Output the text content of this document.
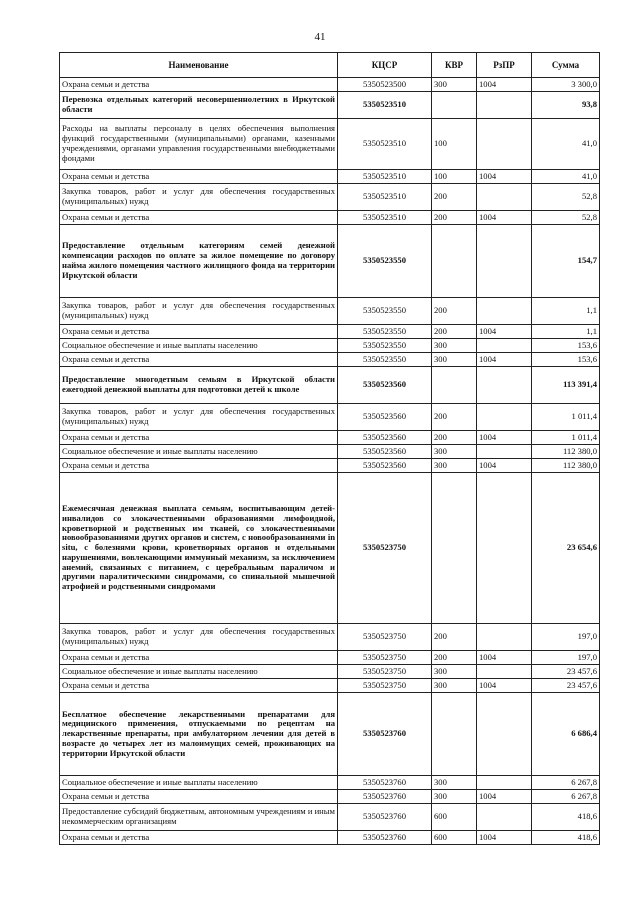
41
Наименование	КЦСР	КВР	РзПР	Сумма
Охрана семьи и детства	5350523500	300	1004	3 300,0
Перевозка отдельных категорий несовершеннолетних в Иркутской области	5350523510			93,8
Расходы на выплаты персоналу в целях обеспечения выполнения функций государственными (муниципальными) органами, казенными учреждениями, органами управления государственными внебюджетными фондами	5350523510	100		41,0
Охрана семьи и детства	5350523510	100	1004	41,0
Закупка товаров, работ и услуг для обеспечения государственных (муниципальных) нужд	5350523510	200		52,8
Охрана семьи и детства	5350523510	200	1004	52,8
Предоставление отдельным категориям семей денежной компенсации расходов по оплате за жилое помещение по договору найма жилого помещения частного жилищного фонда на территории Иркутской области	5350523550			154,7
Закупка товаров, работ и услуг для обеспечения государственных (муниципальных) нужд	5350523550	200		1,1
Охрана семьи и детства	5350523550	200	1004	1,1
Социальное обеспечение и иные выплаты населению	5350523550	300		153,6
Охрана семьи и детства	5350523550	300	1004	153,6
Предоставление многодетным семьям в Иркутской области ежегодной денежной выплаты для подготовки детей к школе	5350523560			113 391,4
Закупка товаров, работ и услуг для обеспечения государственных (муниципальных) нужд	5350523560	200		1 011,4
Охрана семьи и детства	5350523560	200	1004	1 011,4
Социальное обеспечение и иные выплаты населению	5350523560	300		112 380,0
Охрана семьи и детства	5350523560	300	1004	112 380,0
Ежемесячная денежная выплата семьям, воспитывающим детей-инвалидов со злокачественными образованиями лимфоидной, кроветворной и родственных им тканей, со злокачественными новообразованиями других органов и систем, с новообразованиями in situ, с болезнями крови, кроветворных органов и отдельными нарушениями, вовлекающими иммунный механизм, за исключением анемий, связанных с питанием, с церебральным параличом и другими паралитическими синдромами, со спинальной мышечной атрофией и родственными синдромами	5350523750			23 654,6
Закупка товаров, работ и услуг для обеспечения государственных (муниципальных) нужд	5350523750	200		197,0
Охрана семьи и детства	5350523750	200	1004	197,0
Социальное обеспечение и иные выплаты населению	5350523750	300		23 457,6
Охрана семьи и детства	5350523750	300	1004	23 457,6
Бесплатное обеспечение лекарственными препаратами для медицинского применения, отпускаемыми по рецептам на лекарственные препараты, при амбулаторном лечении для детей в возрасте до четырех лет из малоимущих семей, проживающих на территории Иркутской области	5350523760			6 686,4
Социальное обеспечение и иные выплаты населению	5350523760	300		6 267,8
Охрана семьи и детства	5350523760	300	1004	6 267,8
Предоставление субсидий бюджетным, автономным учреждениям и иным некоммерческим организациям	5350523760	600		418,6
Охрана семьи и детства	5350523760	600	1004	418,6
